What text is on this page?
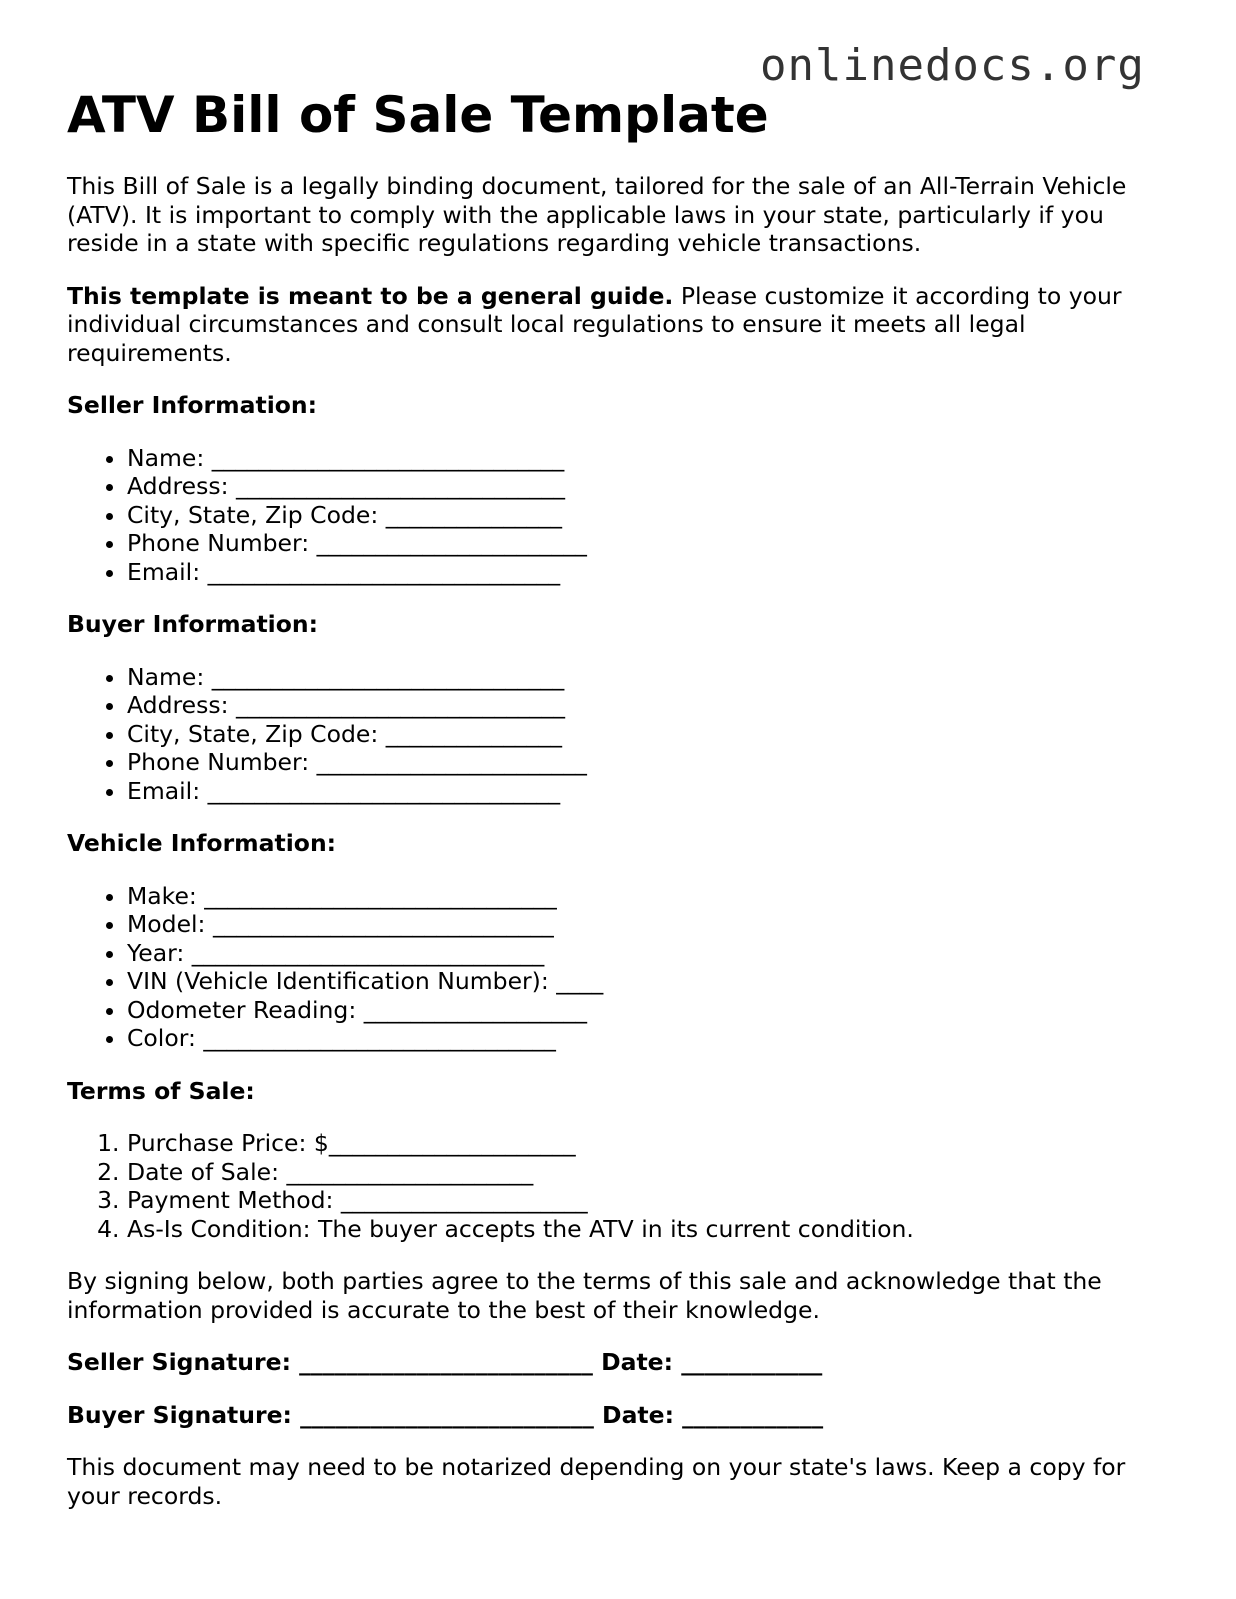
onlinedocs.org
ATV Bill of Sale Template

This Bill of Sale is a legally binding document, tailored for the sale of an All-Terrain Vehicle (ATV). It is important to comply with the applicable laws in your state, particularly if you reside in a state with specific regulations regarding vehicle transactions.

This template is meant to be a general guide. Please customize it according to your individual circumstances and consult local regulations to ensure it meets all legal requirements.

Seller Information:
• Name: ______________________________
• Address: ____________________________
• City, State, Zip Code: _______________
• Phone Number: _______________________
• Email: ______________________________
Buyer Information:
• Name: ______________________________
• Address: ____________________________
• City, State, Zip Code: _______________
• Phone Number: _______________________
• Email: ______________________________
Vehicle Information:
• Make: ______________________________
• Model: _____________________________
• Year: ______________________________
• VIN (Vehicle Identification Number): ____
• Odometer Reading: ___________________
• Color: ______________________________
Terms of Sale:
1. Purchase Price: $_____________________
2. Date of Sale: _____________________
3. Payment Method: _____________________
4. As-Is Condition: The buyer accepts the ATV in its current condition.

By signing below, both parties agree to the terms of this sale and acknowledge that the information provided is accurate to the best of their knowledge.

Seller Signature: _________________________ Date: ____________
Buyer Signature: _________________________ Date: ____________

This document may need to be notarized depending on your state's laws. Keep a copy for your records.
